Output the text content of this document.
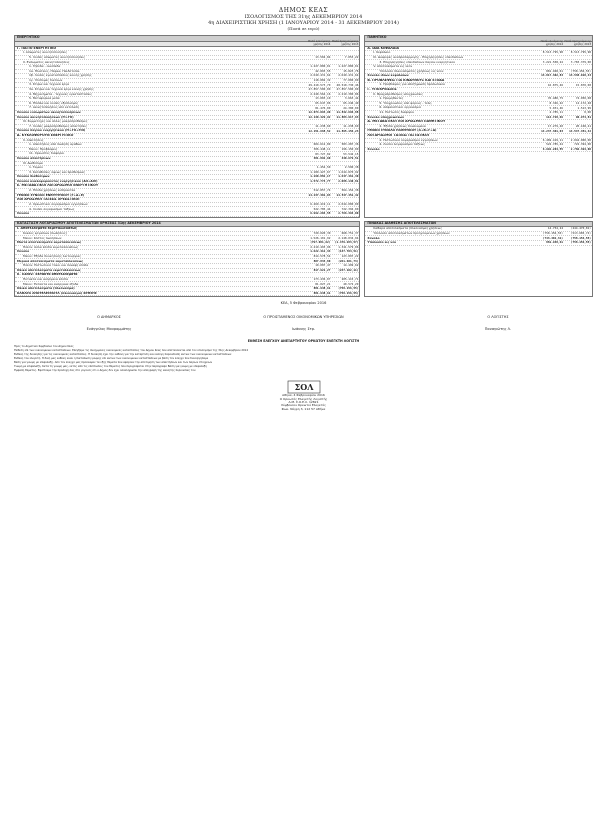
ΔΗΜΟΣ ΚΕΑΣ
ΙΣΟΛΟΓΙΣΜΟΣ ΤΗΣ 31ης ΔΕΚΕΜΒΡΙΟΥ 2014
4η ΔΙΑΧΕΙΡΙΣΤΙΚΗ ΧΡΗΣΗ (1 ΙΑΝΟΥΑΡΙΟΥ 2014 - 31 ΔΕΚΕΜΒΡΙΟΥ 2014)
(Ποσά σε ευρώ)
ΕΝΕΡΓΗΤΙΚΟ
Ποσά κλειόμενης χρήσης 2014
Ποσά προηγούμενης χρήσης 2013
Γ. ΠΑΓΙΟ ΕΝΕΡΓΗΤΙΚΟ
Ι. Ασώματες ακινητοποιήσεις
5. Λοιπές ασώματες ακινητοποιήσεις	13.504,84	7.053,22
ΙΙ. Ενσώματες ακινητοποιήσεις
1. Γήπεδα - οικόπεδα	1.227.800,01	1.227.800,01
1α. Πλατείες, Πάρκα, Παιδότοποι	42.893,55	15.823,76
1β. Λοιπές εγκαταστάσεις κοινής χρήσης	2.649.431,64	2.649.431,64
1γ. Υποδομές δικτύων	118.882,32	77.000,00
3. Κτίρια και τεχνικά έργα	49.410.573,70	48.510.730,46
3α. Κτίρια και τεχνικά έργα κοινής χρήσης	47.857.500,00	47.857.500,00
4. Μηχανήματα - τεχνικές εγκαταστάσεις	2.240.564,16	2.219.300,86
5. Μεταφορικά μέσα	13.003,10	3.663,44
6. Έπιπλα και λοιπός εξοπλισμός	65.647,06	65.246,40
7. Ακινητοποιήσεις υπό εκτέλεση	81.476,00	24.300,00
Σύνολο ενσωμάτων ακινητοποιήσεων	12.074.093,90	11.842.696,88
Σύνολο ακινητοποιήσεων (ΓΙ+ΓΙΙ)	12.140.429,92	11.883.917,63
ΙΙΙ. Συμμετοχές και άλλες μακροπρόθεσμες
7. Λοιπές μακροπρόθεσμες απαιτήσεις	11.238,60	11.238,60
Σύνολο παγίου ενεργητικού (ΓΙ+ΓΙΙ+ΓΙΙΙ)	12.151.668,52	11.895.156,23
Δ. ΚΥΚΛΟΦΟΡΟΥΝ ΕΝΕΡΓΗΤΙΚΟ
ΙΙ. Απαιτήσεις
1. Απαιτήσεις από πώληση αγαθών	604.612,89	583.287,36
Μείον: Προβλέψεις	306.448,11	196.150,00
11. Χρεώστες διάφοροι	83.727,82	53.542,15
Σύνολο απαιτήσεων	381.892,60	440.679,51
IV. Διαθέσιμα
1. Ταμείο	1.454,50	2.590,38
3. Καταθέσεις όψεως και προθεσμίας	1.189.427,67	1.644.870,92
Σύνολο διαθεσίμων	1.190.882,17	1.647.461,30
Σύνολο κυκλοφορούντος ενεργητικού (ΔΙΙ+ΔΙV)	1.572.774,77	2.088.140,81
Ε. ΜΕΤΑΒΑΤΙΚΟΙ ΛΟΓΑΡΙΑΣΜΟΙ ΕΝΕΡΓΗΤΙΚΟΥ
2. Έσοδα χρήσεως εισπρακτέα	512.857,74	564.154,38
ΓΕΝΙΚΟ ΣΥΝΟΛΟ ΕΝΕΡΓΗΤΙΚΟΥ (Γ+Δ+Ε)	14.237.301,03	14.547.451,42
ΛΟΓΑΡΙΑΣΜΟΙ ΤΑΞΕΩΣ ΧΡΕΩΣΤΙΚΟΙ
2. Χρεωστικοί λογαριασμοί εγγυήσεων	6.469.419,11	2.044.000,00
4. Λοιποί λογαριασμοί τάξεως	522.785,44	722.394,00
Σύνολο	6.992.204,55	2.766.394,00
ΠΑΘΗΤΙΚΟ
Ποσά κλειόμενης χρήσης 2014
Ποσά προηγούμενης χρήσης 2013
Α. ΙΔΙΑ ΚΕΦΑΛΑΙΑ
Ι. Κεφάλαιο	8.513.795,98	8.513.795,98
ΙΙΙ. Διαφορές αναπροσαρμογής - Επιχορηγήσεις επενδύσεων
3. Επιχορηγήσεις επενδύσεων παγίου ενεργητικού	3.221.558,24	3.783.379,00
V. Αποτελέσματα εις νέον
Υπόλοιπο πλεονάσματος χρήσεως εις νέον	881.948,61	(758.156,55)
Σύνολο ιδίων κεφαλαίων	13.817.302,83	13.538.018,43
Β. ΠΡΟΒΛΕΨΕΙΣ ΓΙΑ ΚΙΝΔΥΝΟΥΣ ΚΑΙ ΕΞΟΔΑ
1. Προβλέψεις για αποζημίωση προσωπικού	16.875,46	15.870,00
Γ. ΥΠΟΧΡΕΩΣΕΙΣ
ΙΙ. Βραχυπρόθεσμες υποχρεώσεις
1. Προμηθευτές	76.480,75	74.050,08
5. Υποχρεώσεις από φόρους - τέλη	8.346,42	12.172,48
6. Ασφαλιστικοί οργανισμοί	5.031,46	1.513,99
11. Πιστωτές διάφοροι	4.785,11	0,00
Σύνολο υποχρεώσεων	114.728,69	90.974,81
Δ. ΜΕΤΑΒΑΤΙΚΟΙ ΛΟΓΑΡΙΑΣΜΟΙ ΠΑΘΗΤΙΚΟΥ
2. Έξοδα χρήσεως δουλευμένα	17.279,40	20.168,41
ΓΕΝΙΚΟ ΣΥΝΟΛΟ ΠΑΘΗΤΙΚΟΥ (Α+Β+Γ+Δ)	14.237.301,03	14.547.451,42
ΛΟΓΑΡΙΑΣΜΟΙ ΤΑΞΕΩΣ ΠΙΣΤΩΤΙΚΟΙ
2. Πιστωτικοί λογαριασμοί εγγυήσεων	6.469.419,11	2.044.000,00
4. Λοιποί λογαριασμοί τάξεως	522.785,44	722.394,00
Σύνολο	6.992.204,55	2.766.394,00
ΚΑΤΑΣΤΑΣΗ ΛΟΓΑΡΙΑΣΜΟΥ ΑΠΟΤΕΛΕΣΜΑΤΩΝ ΧΡΗΣΕΩΣ 31ης ΔΕΚΕΜΒΡΙΟΥ 2014
Ι. Αποτελέσματα εκμεταλλεύσεως
Κύκλος εργασιών (πωλήσεις)	729.020,30	668.751,37
Μείον: Κόστος πωλήσεων	1.526.101,92	2.148.034,94
Μικτά αποτελέσματα εκμεταλλεύσεως	(797.081,62)	(1.479.283,57)
Πλέον: Άλλα έσοδα εκμεταλλεύσεως	2.419.493,96	1.341.579,06
Σύνολο	1.622.412,34	(137.704,51)
Μείον: Έξοδα διοικητικής λειτουργίας	814.578,54	123.897,22
Μερικά αποτελέσματα εκμεταλλεύσεως	807.833,80	(261.601,73)
Πλέον: Πιστωτικοί τόκοι και συναφή έσοδα	10.087,47	14.499,62
Ολικά αποτελέσματα εκμεταλλεύσεως	817.921,27	(247.102,11)
ΙΙ. Πλέον: Έκτακτα αποτελέσματα
Έκτακτα και ανόργανα έσοδα	173.436,07	205.115,71
Μείον: Έκτακτα και ανόργανα έξοδα	81.027,21	40.572,29
Ολικά αποτελέσματα (πλεόνασμα)	881.948,61	(758.156,55)
ΚΑΘΑΡΑ ΑΠΟΤΕΛΕΣΜΑΤΑ (πλεόνασμα) ΧΡΗΣΗΣ	881.948,61	(758.156,55)
ΠΙΝΑΚΑΣ ΔΙΑΘΕΣΗΣ ΑΠΟΤΕΛΕΣΜΑΤΩΝ
Καθαρά αποτελέσματα (πλεόνασμα) χρήσεως	14.754,24	(244.470,81)
Υπόλοιπο αποτελεσμάτων προηγούμενων χρήσεων	(758.156,55)	(513.685,74)
Σύνολο	(743.402,31)	(758.156,55)
Υπόλοιπο εις νέο	881.948,61	(758.156,55)
ΚΕΑ, 5 Φεβρουαρίου 2016
Ο ΔΗΜΑΡΧΟΣ
Ευάγγελος Μαυρομμάτης
Ο ΠΡΟΙΣΤΑΜΕΝΟΣ ΟΙΚΟΝΟΜΙΚΩΝ ΥΠΗΡΕΣΙΩΝ
Ιωάννης Στρ.
Ο ΛΟΓΙΣΤΗΣ
Παναγιώτης Λ.
ΕΚΘΕΣΗ ΕΛΕΓΧΟΥ ΑΝΕΞΑΡΤΗΤΟΥ ΟΡΚΩΤΟΥ ΕΛΕΓΚΤΗ ΛΟΓΙΣΤΗ

Προς το Δημοτικό Συμβούλιο του Δήμου Κέας

Έκθεση επί των οικονομικών καταστάσεων. Ελέγξαμε τις συνημμένες οικονομικές καταστάσεις του Δήμου Κέας που αποτελούνται από τον ισολογισμό της 31ης Δεκεμβρίου 2014

Ευθύνη της διοίκησης για τις οικονομικές καταστάσεις. Η διοίκηση έχει την ευθύνη για την κατάρτιση και εύλογη παρουσίαση αυτών των οικονομικών καταστάσεων

Ευθύνη του ελεγκτή. Η δική μας ευθύνη είναι η διατύπωση γνώμης επί αυτών των οικονομικών καταστάσεων με βάση τον έλεγχο που διενεργήσαμε

Βάση για γνώμη με επιφύλαξη. Από τον έλεγχό μας προέκυψαν τα εξής θέματα που αφορούν την αποτίμηση των απαιτήσεων και των παγίων στοιχείων

Γνώμη με επιφύλαξη. Κατά τη γνώμη μας, εκτός από τις επιπτώσεις του θέματος που περιγράφεται στην παράγραφο Βάση για γνώμη με επιφύλαξη

Έμφαση θέματος. Εφιστούμε την προσοχή σας στο γεγονός ότι ο Δήμος δεν έχει ολοκληρώσει την απογραφή της ακίνητης περιουσίας του

ΣΟΛ
Αθήνα, 4 Φεβρουαρίου 2016
Ο Ορκωτός Ελεγκτής Λογιστής
Α.Μ. Σ.Ο.Ε.Λ. 12821
Σύμβουλοι Ορκωτοί Ελεγκτές
Φωκ. Νέγρη 3, 112 57 Αθήνα
